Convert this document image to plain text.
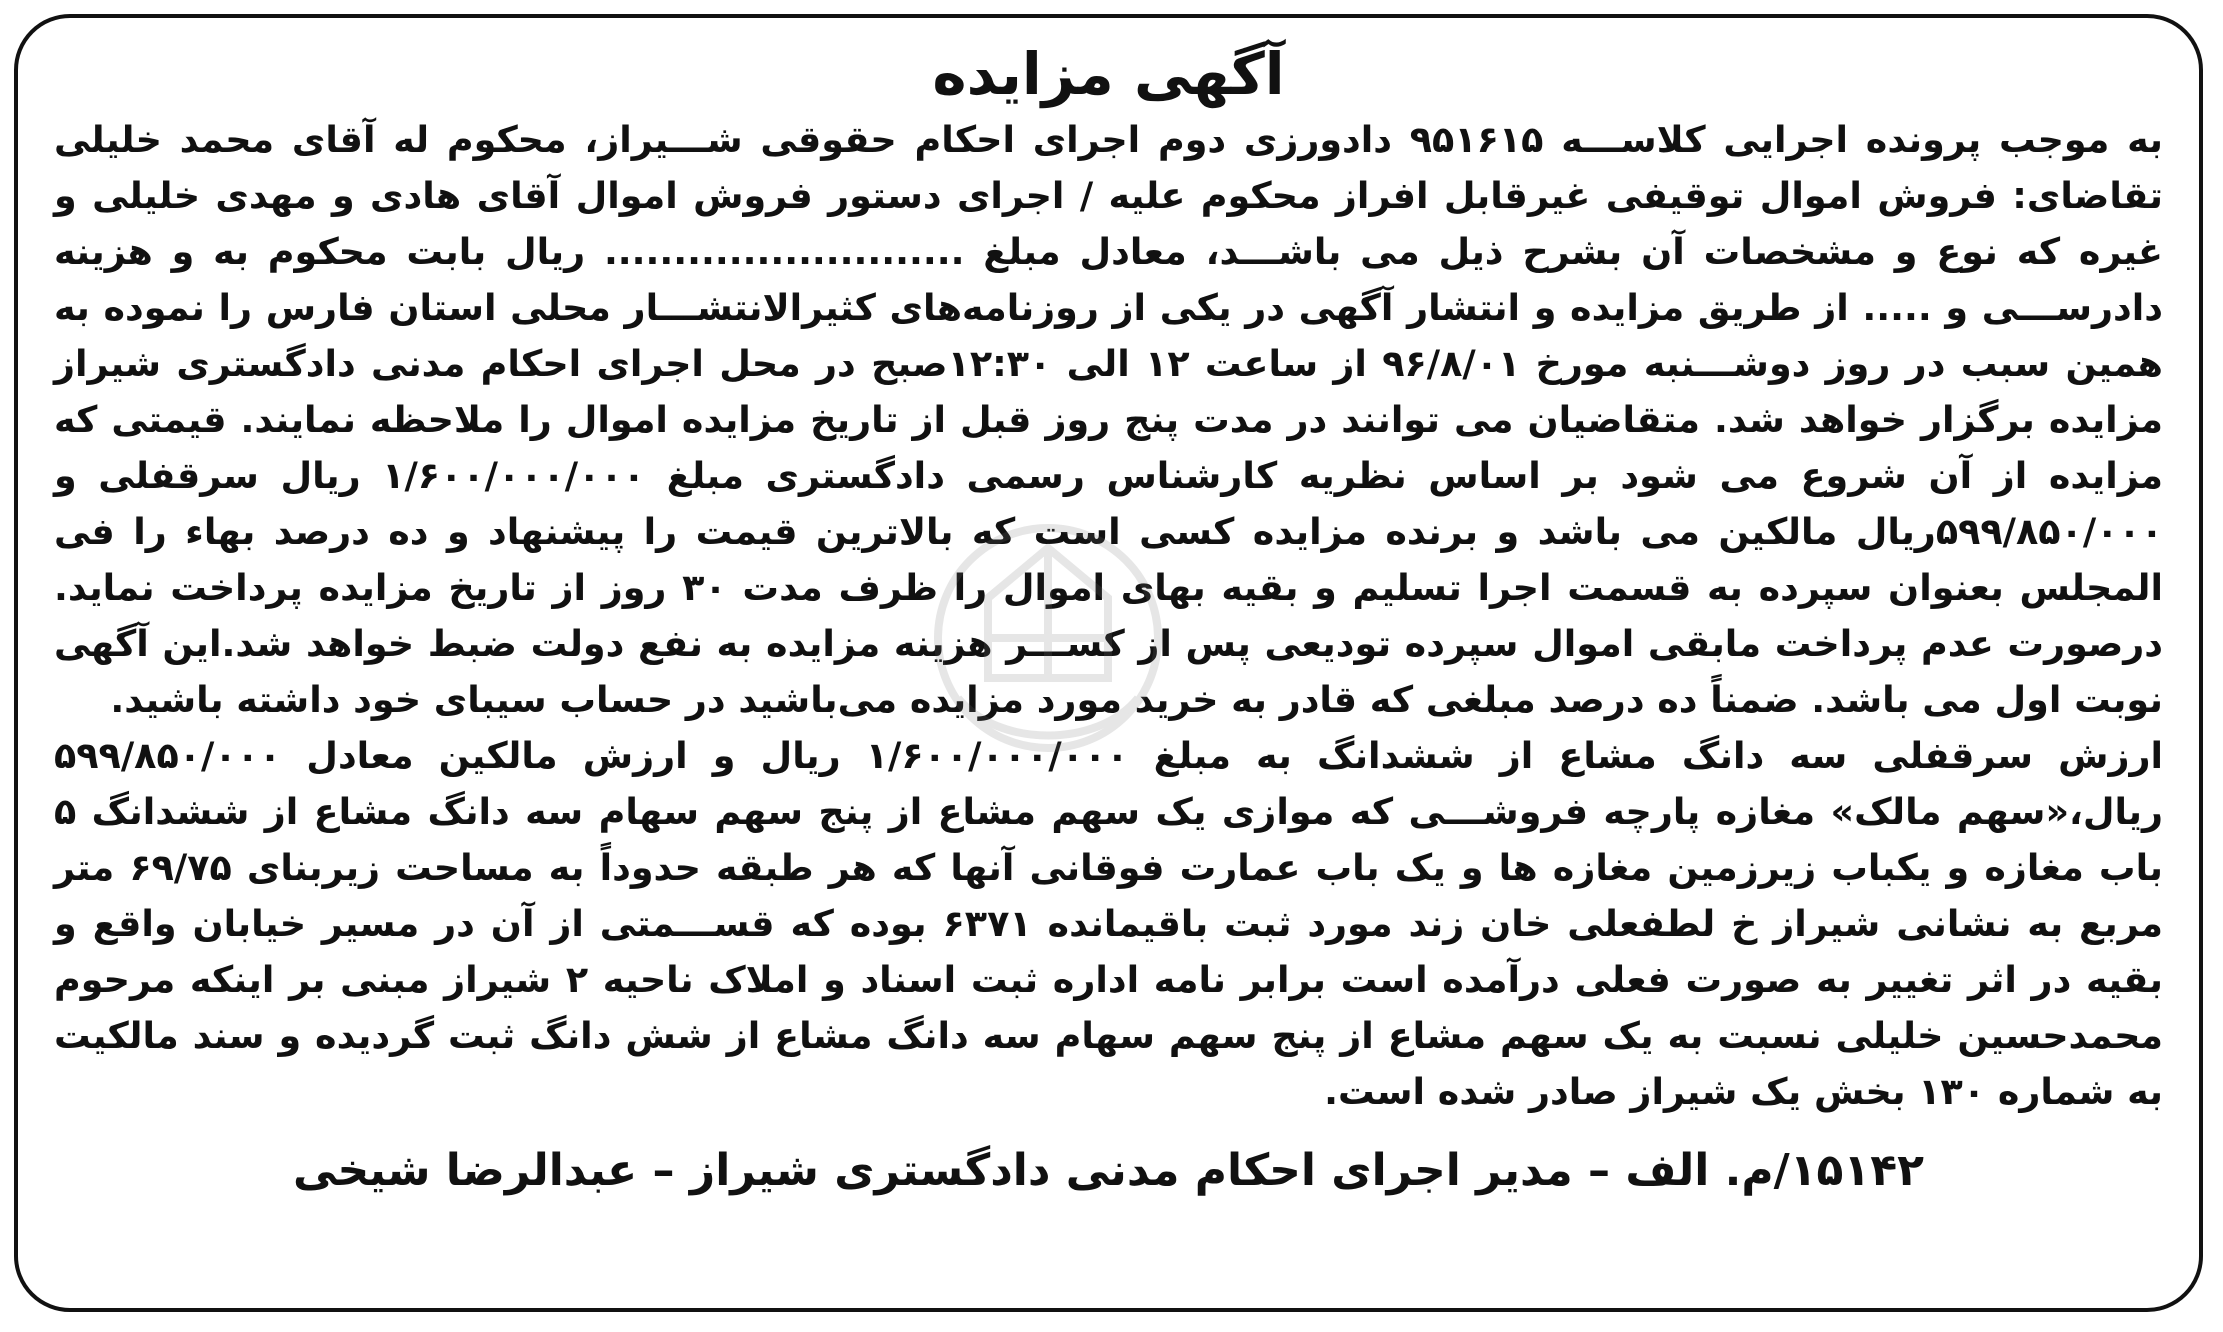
آگهی مزایده

به موجب پرونده اجرایی کلاســـه ۹۵۱۶۱۵ دادورزی دوم اجرای احکام حقوقی شـــیراز، محکوم له آقای محمد خلیلی تقاضای: فروش اموال توقیفی غیرقابل افراز محکوم علیه / اجرای دستور فروش اموال آقای هادی و مهدی خلیلی و غیره که نوع و مشخصات آن بشرح ذیل می باشـــد، معادل مبلغ .......................... ریال بابت محکوم به و هزینه دادرســـی و ..... از طریق مزایده و انتشار آگهی در یکی از روزنامه‌های کثیرالانتشـــار محلی استان فارس را نموده به همین سبب در روز دوشـــنبه مورخ ۹۶/۸/۰۱ از ساعت ۱۲ الی ۱۲:۳۰صبح در محل اجرای احکام مدنی دادگستری شیراز مزایده برگزار خواهد شد. متقاضیان می توانند در مدت پنج روز قبل از تاریخ مزایده اموال را ملاحظه نمایند. قیمتی که مزایده از آن شروع می شود بر اساس نظریه کارشناس رسمی دادگستری مبلغ ۱/۶۰۰/۰۰۰/۰۰۰ ریال سرقفلی و ۵۹۹/۸۵۰/۰۰۰ریال مالکین می باشد و برنده مزایده کسی است که بالاترین قیمت را پیشنهاد و ده درصد بهاء را فی المجلس بعنوان سپرده به قسمت اجرا تسلیم و بقیه بهای اموال را ظرف مدت ۳۰ روز از تاریخ مزایده پرداخت نماید. درصورت عدم پرداخت مابقی اموال سپرده تودیعی پس از کســـر هزینه مزایده به نفع دولت ضبط خواهد شد.این آگهی نوبت اول می باشد. ضمناً ده درصد مبلغی که قادر به خرید مورد مزایده می‌باشید در حساب سیبای خود داشته باشید.

ارزش سرقفلی سه دانگ مشاع از ششدانگ به مبلغ ۱/۶۰۰/۰۰۰/۰۰۰ ریال و ارزش مالکین معادل ۵۹۹/۸۵۰/۰۰۰ ریال،«سهم مالک» مغازه پارچه فروشـــی که موازی یک سهم مشاع از پنج سهم سهام سه دانگ مشاع از ششدانگ ۵ باب مغازه و یکباب زیرزمین مغازه ها و یک باب عمارت فوقانی آنها که هر طبقه حدوداً به مساحت زیربنای ۶۹/۷۵ متر مربع به نشانی شیراز خ لطفعلی خان زند مورد ثبت باقیمانده ۶۳۷۱ بوده که قســـمتی از آن در مسیر خیابان واقع و بقیه در اثر تغییر به صورت فعلی درآمده است برابر نامه اداره ثبت اسناد و املاک ناحیه ۲ شیراز مبنی بر اینکه مرحوم محمدحسین خلیلی نسبت به یک سهم مشاع از پنج سهم سهام سه دانگ مشاع از شش دانگ ثبت گردیده و سند مالکیت به شماره ۱۳۰ بخش یک شیراز صادر شده است.

۱۵۱۴۲/م. الف – مدیر اجرای احکام مدنی دادگستری شیراز – عبدالرضا شیخی
